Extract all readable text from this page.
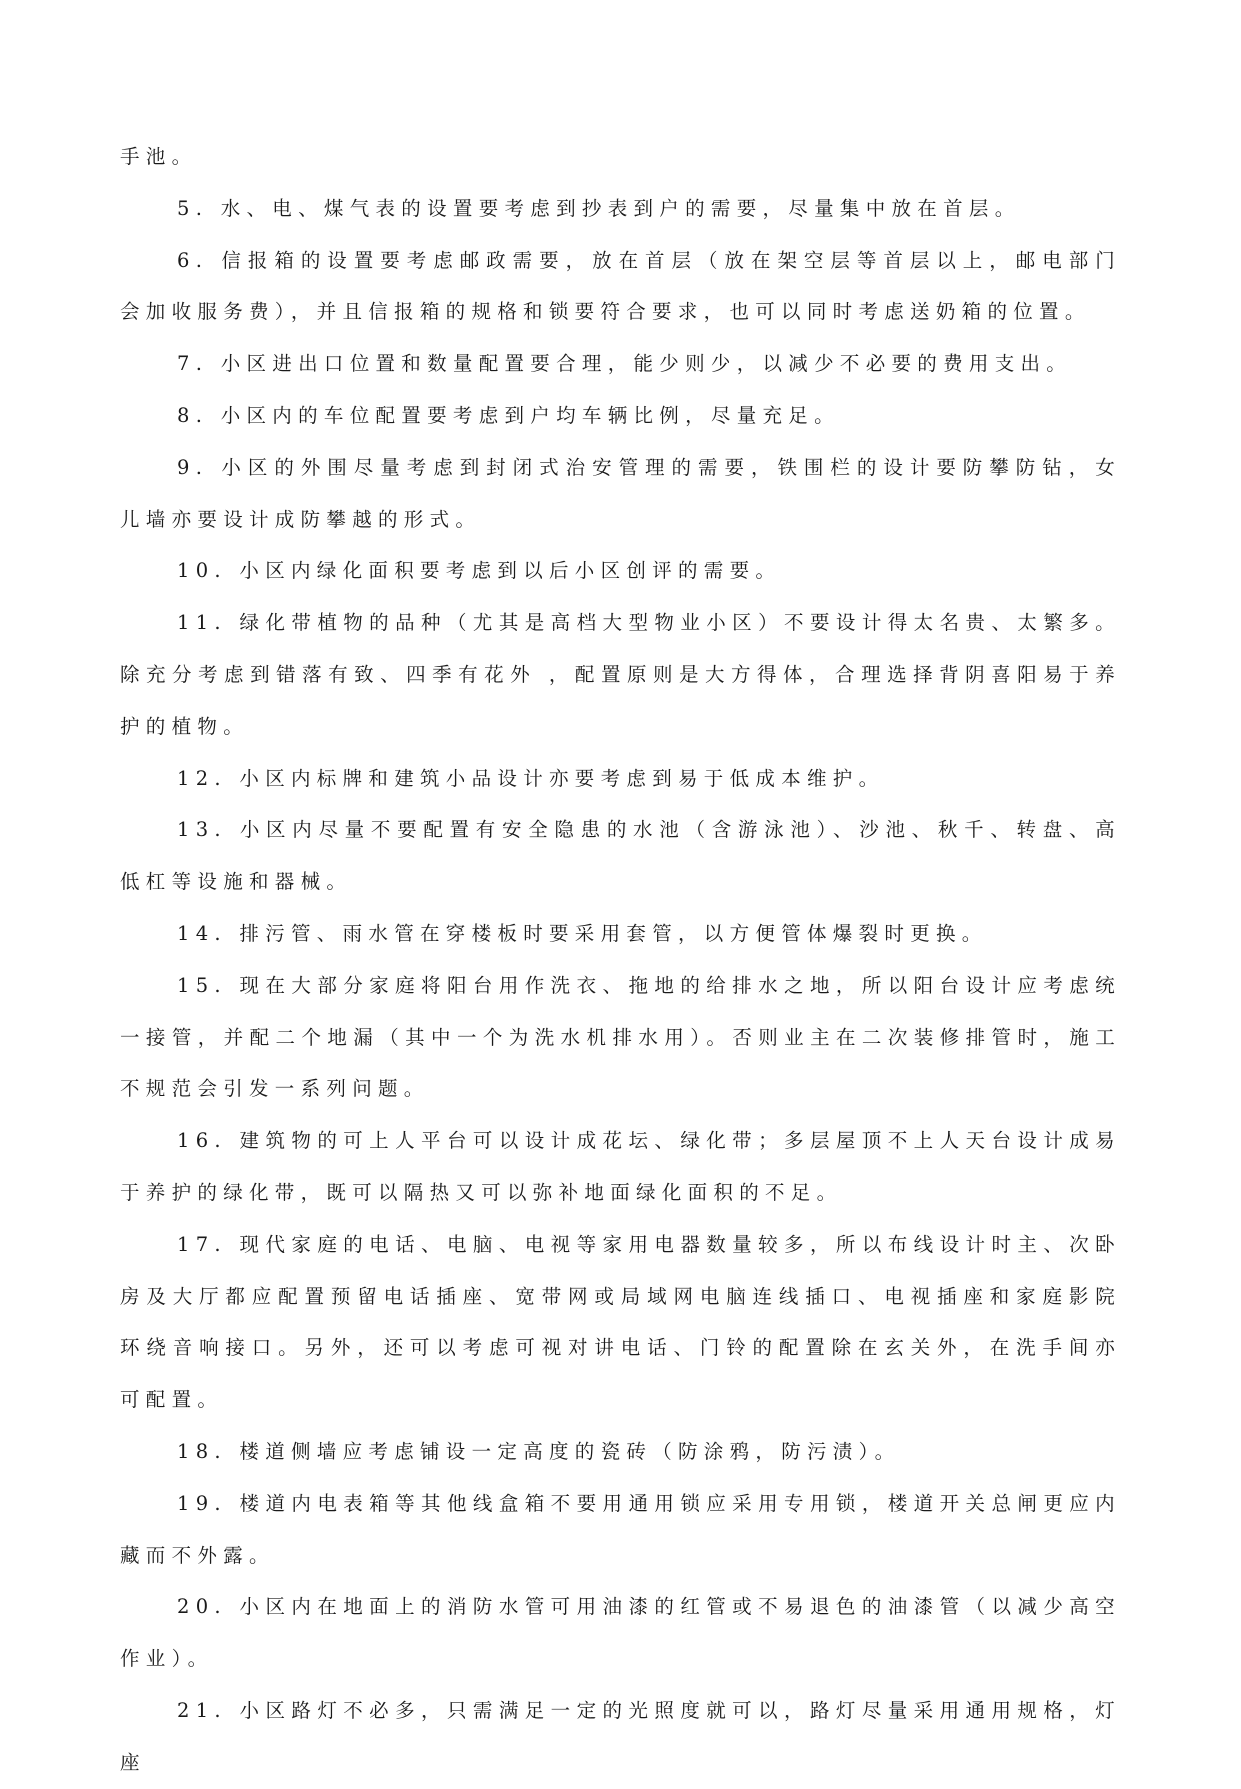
手池。

5. 水、电、煤气表的设置要考虑到抄表到户的需要，尽量集中放在首层。

6. 信报箱的设置要考虑邮政需要，放在首层（放在架空层等首层以上，邮电部门会加收服务费），并且信报箱的规格和锁要符合要求，也可以同时考虑送奶箱的位置。

7. 小区进出口位置和数量配置要合理，能少则少，以减少不必要的费用支出。

8. 小区内的车位配置要考虑到户均车辆比例，尽量充足。

9. 小区的外围尽量考虑到封闭式治安管理的需要，铁围栏的设计要防攀防钻，女儿墙亦要设计成防攀越的形式。

10. 小区内绿化面积要考虑到以后小区创评的需要。

11. 绿化带植物的品种（尤其是高档大型物业小区）不要设计得太名贵、太繁多。除充分考虑到错落有致、四季有花外 ，配置原则是大方得体，合理选择背阴喜阳易于养护的植物。

12. 小区内标牌和建筑小品设计亦要考虑到易于低成本维护。

13. 小区内尽量不要配置有安全隐患的水池（含游泳池）、沙池、秋千、转盘、高低杠等设施和器械。

14. 排污管、雨水管在穿楼板时要采用套管，以方便管体爆裂时更换。

15. 现在大部分家庭将阳台用作洗衣、拖地的给排水之地，所以阳台设计应考虑统一接管，并配二个地漏（其中一个为洗水机排水用）。否则业主在二次装修排管时，施工不规范会引发一系列问题。

16. 建筑物的可上人平台可以设计成花坛、绿化带；多层屋顶不上人天台设计成易于养护的绿化带，既可以隔热又可以弥补地面绿化面积的不足。

17. 现代家庭的电话、电脑、电视等家用电器数量较多，所以布线设计时主、次卧房及大厅都应配置预留电话插座、宽带网或局域网电脑连线插口、电视插座和家庭影院环绕音响接口。另外，还可以考虑可视对讲电话、门铃的配置除在玄关外，在洗手间亦可配置。

18. 楼道侧墙应考虑铺设一定高度的瓷砖（防涂鸦，防污渍）。

19. 楼道内电表箱等其他线盒箱不要用通用锁应采用专用锁，楼道开关总闸更应内藏而不外露。

20. 小区内在地面上的消防水管可用油漆的红管或不易退色的油漆管（以减少高空作业）。

21. 小区路灯不必多，只需满足一定的光照度就可以，路灯尽量采用通用规格，灯座
